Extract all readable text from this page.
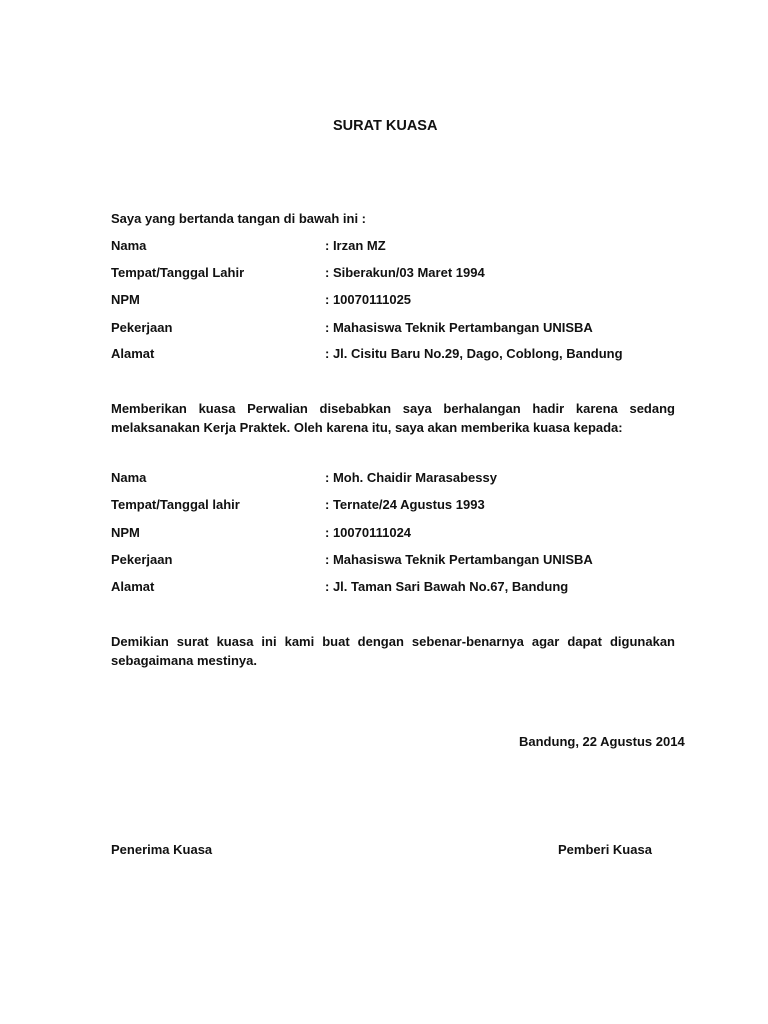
SURAT KUASA
Saya yang bertanda tangan di bawah ini :
Nama	: Irzan MZ
Tempat/Tanggal Lahir	: Siberakun/03 Maret 1994
NPM	: 10070111025
Pekerjaan	: Mahasiswa Teknik Pertambangan UNISBA
Alamat	: Jl. Cisitu Baru No.29, Dago, Coblong, Bandung
Memberikan kuasa Perwalian disebabkan saya berhalangan hadir karena sedang melaksanakan Kerja Praktek. Oleh karena itu, saya akan memberika kuasa kepada:
Nama	: Moh. Chaidir Marasabessy
Tempat/Tanggal lahir	: Ternate/24 Agustus 1993
NPM	: 10070111024
Pekerjaan	: Mahasiswa Teknik Pertambangan UNISBA
Alamat	: Jl. Taman Sari Bawah No.67, Bandung
Demikian surat kuasa ini kami buat dengan sebenar-benarnya agar dapat digunakan sebagaimana mestinya.
Bandung, 22 Agustus 2014
Penerima Kuasa	Pemberi Kuasa
